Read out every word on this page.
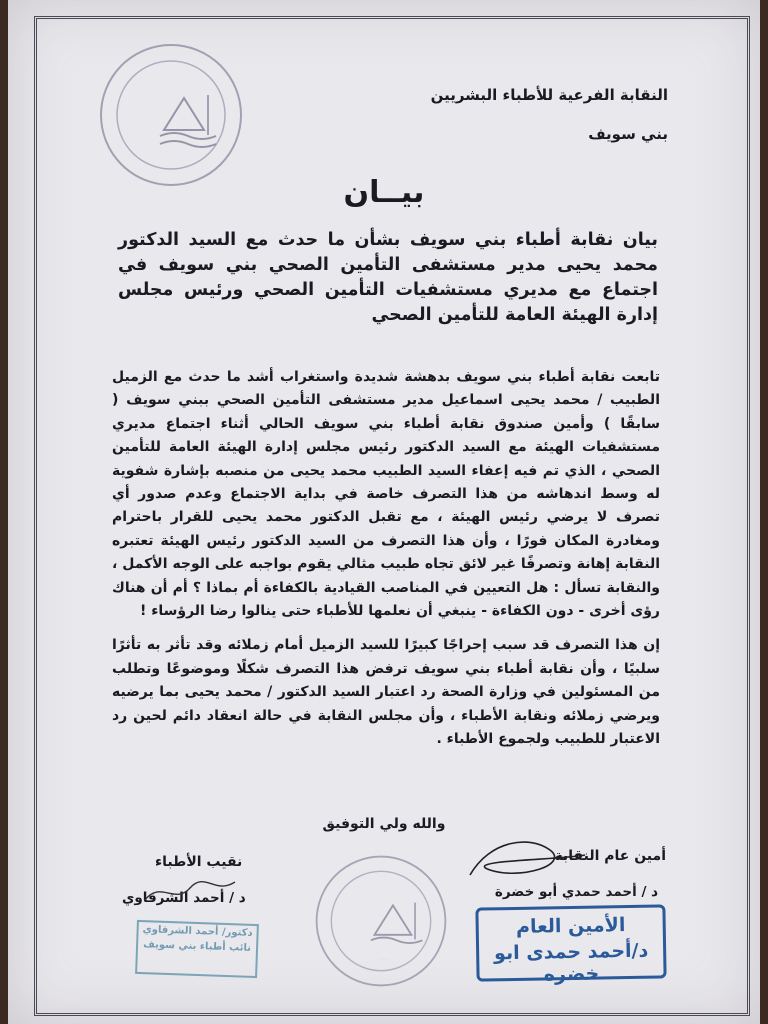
النقابة الفرعية للأطباء البشريين
بني سويف
بيــان
بيان نقابة أطباء بني سويف بشأن ما حدث مع السيد الدكتور محمد يحيى مدير مستشفى التأمين الصحي بني سويف في اجتماع مع مديري مستشفيات التأمين الصحي ورئيس مجلس إدارة الهيئة العامة للتأمين الصحي

تابعت نقابة أطباء بني سويف بدهشة شديدة واستغراب أشد ما حدث مع الزميل الطبيب / محمد يحيى اسماعيل مدير مستشفى التأمين الصحي ببني سويف ( سابقًا ) وأمين صندوق نقابة أطباء بني سويف الحالي أثناء اجتماع مديري مستشفيات الهيئة مع السيد الدكتور رئيس مجلس إدارة الهيئة العامة للتأمين الصحي ، الذي تم فيه إعفاء السيد الطبيب محمد يحيى من منصبه بإشارة شفوية له وسط اندهاشه من هذا التصرف خاصة في بداية الاجتماع وعدم صدور أي تصرف لا يرضي رئيس الهيئة ، مع تقبل الدكتور محمد يحيى للقرار باحترام ومغادرة المكان فورًا ، وأن هذا التصرف من السيد الدكتور رئيس الهيئة تعتبره النقابة إهانة وتصرفًا غير لائق تجاه طبيب مثالي يقوم بواجبه على الوجه الأكمل ، والنقابة تسأل : هل التعيين في المناصب القيادية بالكفاءة أم بماذا ؟ أم أن هناك رؤى أخرى - دون الكفاءة - ينبغي أن نعلمها للأطباء حتى ينالوا رضا الرؤساء !

إن هذا التصرف قد سبب إحراجًا كبيرًا للسيد الزميل أمام زملائه وقد تأثر به تأثرًا سلبيًا ، وأن نقابة أطباء بني سويف ترفض هذا التصرف شكلًا وموضوعًا وتطلب من المسئولين في وزارة الصحة رد اعتبار السيد الدكتور / محمد يحيى بما يرضيه ويرضي زملائه ونقابة الأطباء ، وأن مجلس النقابة في حالة انعقاد دائم لحين رد الاعتبار للطبيب ولجموع الأطباء .

والله ولي التوفيق
أمين عام النقابة
د / أحمد حمدي أبو خضرة
نقيب الأطباء
د / أحمد الشرقاوي
الأمين العام
د/أحمد حمدى ابو خضره
دكتور/ أحمد الشرقاوي
نائب أطباء بني سويف
